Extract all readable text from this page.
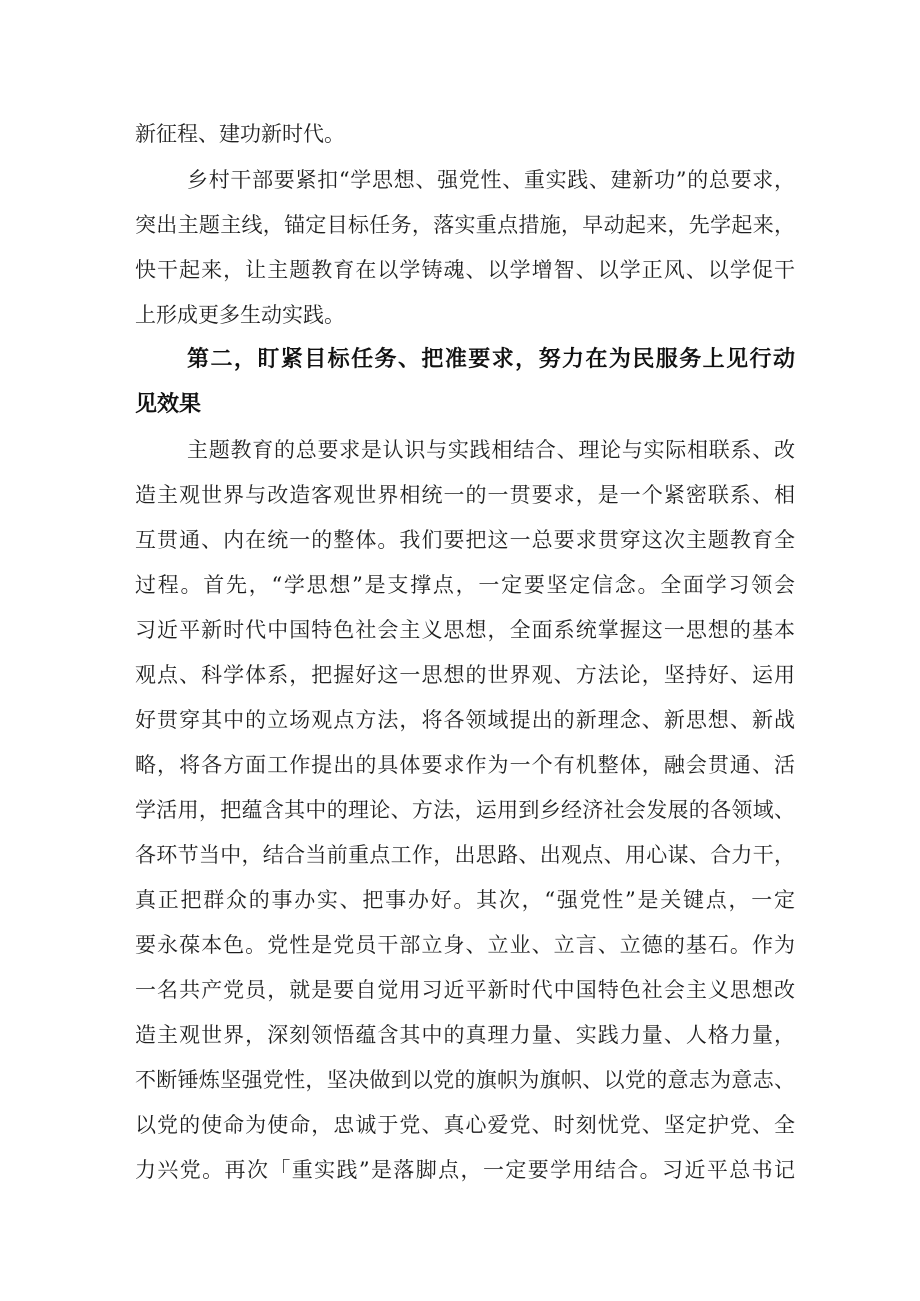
新征程、建功新时代。
乡村干部要紧扣“学思想、强党性、重实践、建新功”的总要求，
突出主题主线，锚定目标任务，落实重点措施，早动起来，先学起来，
快干起来，让主题教育在以学铸魂、以学增智、以学正风、以学促干
上形成更多生动实践。
第二，盯紧目标任务、把准要求，努力在为民服务上见行动
见效果
主题教育的总要求是认识与实践相结合、理论与实际相联系、改
造主观世界与改造客观世界相统一的一贯要求，是一个紧密联系、相
互贯通、内在统一的整体。我们要把这一总要求贯穿这次主题教育全
过程。首先，“学思想”是支撑点，一定要坚定信念。全面学习领会
习近平新时代中国特色社会主义思想，全面系统掌握这一思想的基本
观点、科学体系，把握好这一思想的世界观、方法论，坚持好、运用
好贯穿其中的立场观点方法，将各领域提出的新理念、新思想、新战
略，将各方面工作提出的具体要求作为一个有机整体，融会贯通、活
学活用，把蕴含其中的理论、方法，运用到乡经济社会发展的各领域、
各环节当中，结合当前重点工作，出思路、出观点、用心谋、合力干，
真正把群众的事办实、把事办好。其次，“强党性”是关键点，一定
要永葆本色。党性是党员干部立身、立业、立言、立德的基石。作为
一名共产党员，就是要自觉用习近平新时代中国特色社会主义思想改
造主观世界，深刻领悟蕴含其中的真理力量、实践力量、人格力量，
不断锤炼坚强党性，坚决做到以党的旗帜为旗帜、以党的意志为意志、
以党的使命为使命，忠诚于党、真心爱党、时刻忧党、坚定护党、全
力兴党。再次「重实践”是落脚点，一定要学用结合。习近平总书记
